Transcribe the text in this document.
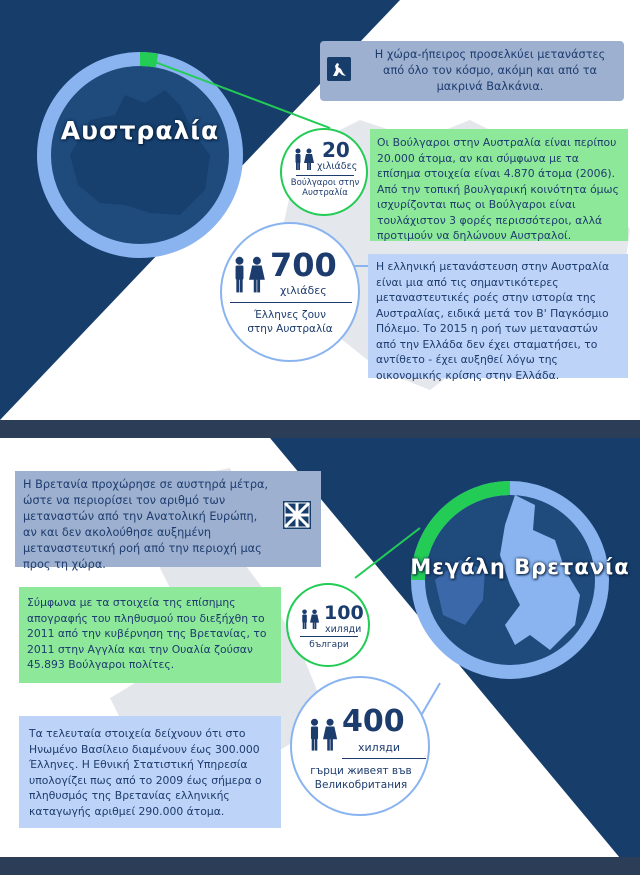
Αυστραλία
Η χώρα-ήπειρος προσελκύει μετανάστες από όλο τον κόσμο, ακόμη και από τα μακρινά Βαλκάνια.
20
χιλιάδες
Βούλγαροι στην Αυστραλία
Οι Βούλγαροι στην Αυστραλία είναι περίπου 20.000 άτομα, αν και σύμφωνα με τα επίσημα στοιχεία είναι 4.870 άτομα (2006). Από την τοπική βουλγαρική κοινότητα όμως ισχυρίζονται πως οι Βούλγαροι είναι τουλάχιστον 3 φορές περισσότεροι, αλλά προτιμούν να δηλώνουν Αυστραλοί.
700
χιλιάδες
Έλληνες ζουν στην Αυστραλία
Η ελληνική μετανάστευση στην Αυστραλία είναι μια από τις σημαντικότερες μεταναστευτικές ροές στην ιστορία της Αυστραλίας, ειδικά μετά τον Β' Παγκόσμιο Πόλεμο. Το 2015 η ροή των μεταναστών από την Ελλάδα δεν έχει σταματήσει, το αντίθετο - έχει αυξηθεί λόγω της οικονομικής κρίσης στην Ελλάδα.
Μεγάλη Βρετανία
Η Βρετανία προχώρησε σε αυστηρά μέτρα, ώστε να περιορίσει τον αριθμό των μεταναστών από την Ανατολική Ευρώπη, αν και δεν ακολούθησε αυξημένη μεταναστευτική ροή από την περιοχή μας προς τη χώρα.
Σύμφωνα με τα στοιχεία της επίσημης απογραφής του πληθυσμού που διεξήχθη το 2011 από την κυβέρνηση της Βρετανίας, το 2011 στην Αγγλία και την Ουαλία ζούσαν 45.893 Βούλγαροι πολίτες.
100
хиляди
българи
400
хиляди
гърци живеят във Великобритания
Τα τελευταία στοιχεία δείχνουν ότι στο Ηνωμένο Βασίλειο διαμένουν έως 300.000 Έλληνες. Η Εθνική Στατιστική Υπηρεσία υπολογίζει πως από το 2009 έως σήμερα ο πληθυσμός της Βρετανίας ελληνικής καταγωγής αριθμεί 290.000 άτομα.
